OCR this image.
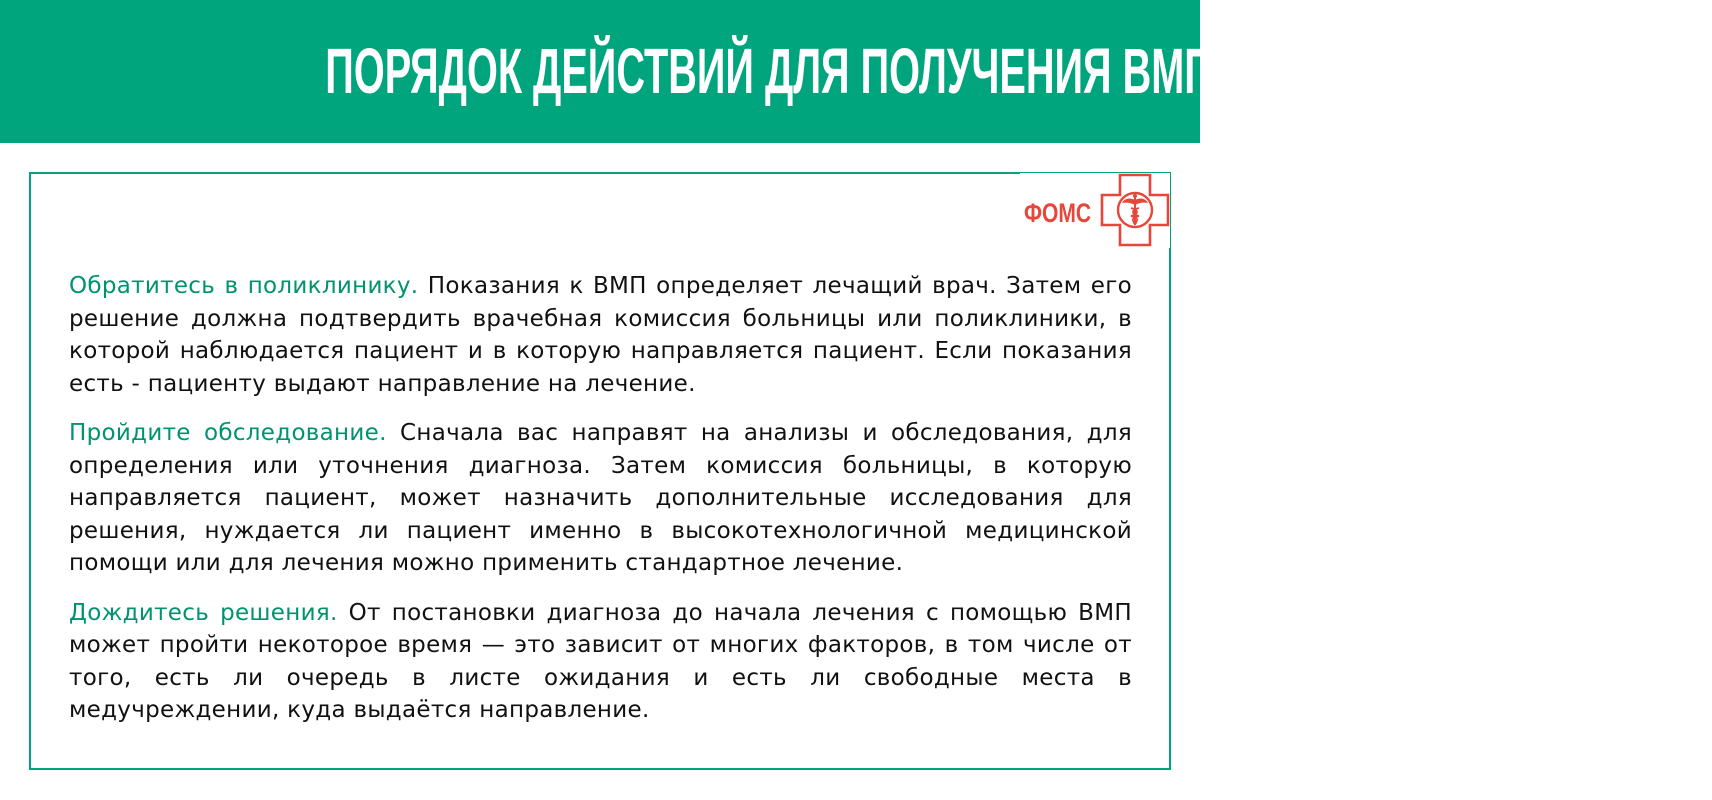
ПОРЯДОК ДЕЙСТВИЙ ДЛЯ ПОЛУЧЕНИЯ ВМП ПО ОМС
ФОМС

Обратитесь в поликлинику. Показания к ВМП определяет лечащий врач. Затем его решение должна подтвердить врачебная комиссия больницы или поликлиники, в которой наблюдается пациент и в которую направляется пациент. Если показания есть - пациенту выдают направление на лечение.

Пройдите обследование. Сначала вас направят на анализы и обследования, для определения или уточнения диагноза. Затем комиссия больницы, в которую направляется пациент, может назначить дополнительные исследования для решения, нуждается ли пациент именно в высокотехнологичной медицинской помощи или для лечения можно применить стандартное лечение.

Дождитесь решения. От постановки диагноза до начала лечения с помощью ВМП может пройти некоторое время — это зависит от многих факторов, в том числе от того, есть ли очередь в листе ожидания и есть ли свободные места в медучреждении, куда выдаётся направление.
